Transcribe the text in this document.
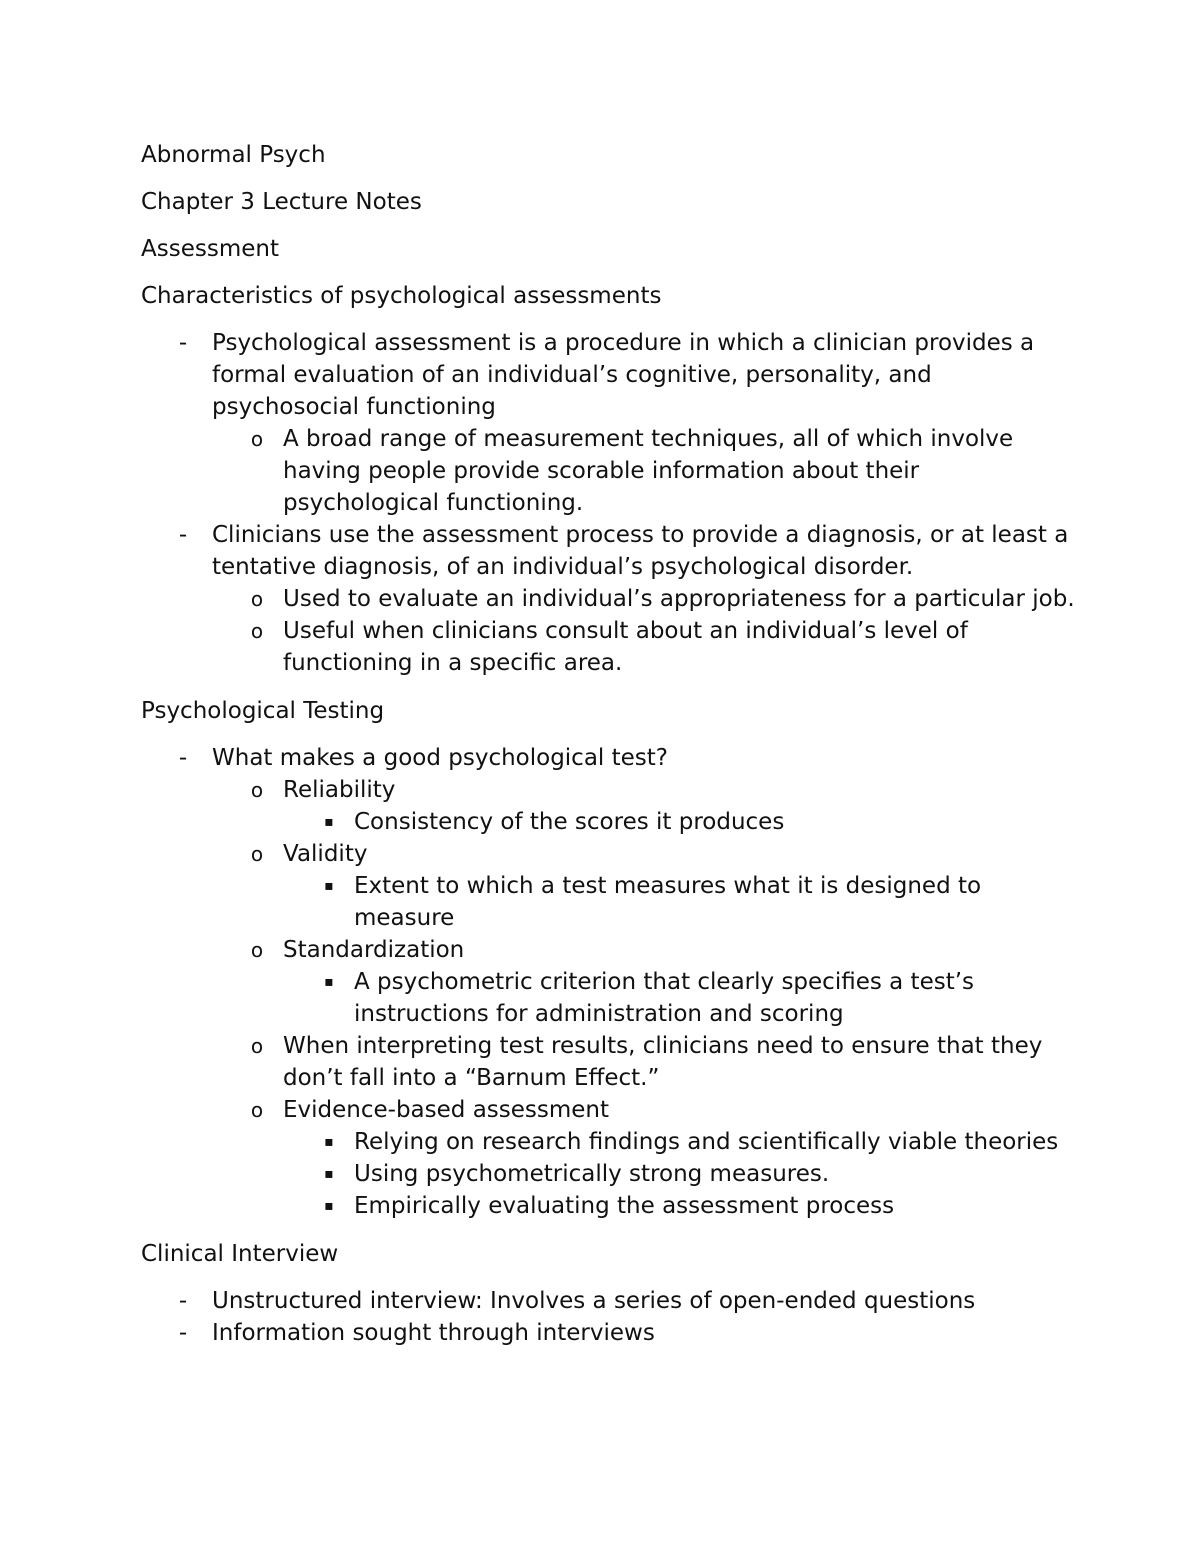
Abnormal Psych

Chapter 3 Lecture Notes

Assessment

Characteristics of psychological assessments

- Psychological assessment is a procedure in which a clinician provides a formal evaluation of an individual’s cognitive, personality, and psychosocial functioning
o A broad range of measurement techniques, all of which involve having people provide scorable information about their psychological functioning.
- Clinicians use the assessment process to provide a diagnosis, or at least a tentative diagnosis, of an individual’s psychological disorder.
o Used to evaluate an individual’s appropriateness for a particular job.
o Useful when clinicians consult about an individual’s level of functioning in a specific area.

Psychological Testing

- What makes a good psychological test?
o Reliability
▪ Consistency of the scores it produces
o Validity
▪ Extent to which a test measures what it is designed to measure
o Standardization
▪ A psychometric criterion that clearly specifies a test’s instructions for administration and scoring
o When interpreting test results, clinicians need to ensure that they don’t fall into a “Barnum Effect.”
o Evidence-based assessment
▪ Relying on research findings and scientifically viable theories
▪ Using psychometrically strong measures.
▪ Empirically evaluating the assessment process

Clinical Interview

- Unstructured interview: Involves a series of open-ended questions
- Information sought through interviews
